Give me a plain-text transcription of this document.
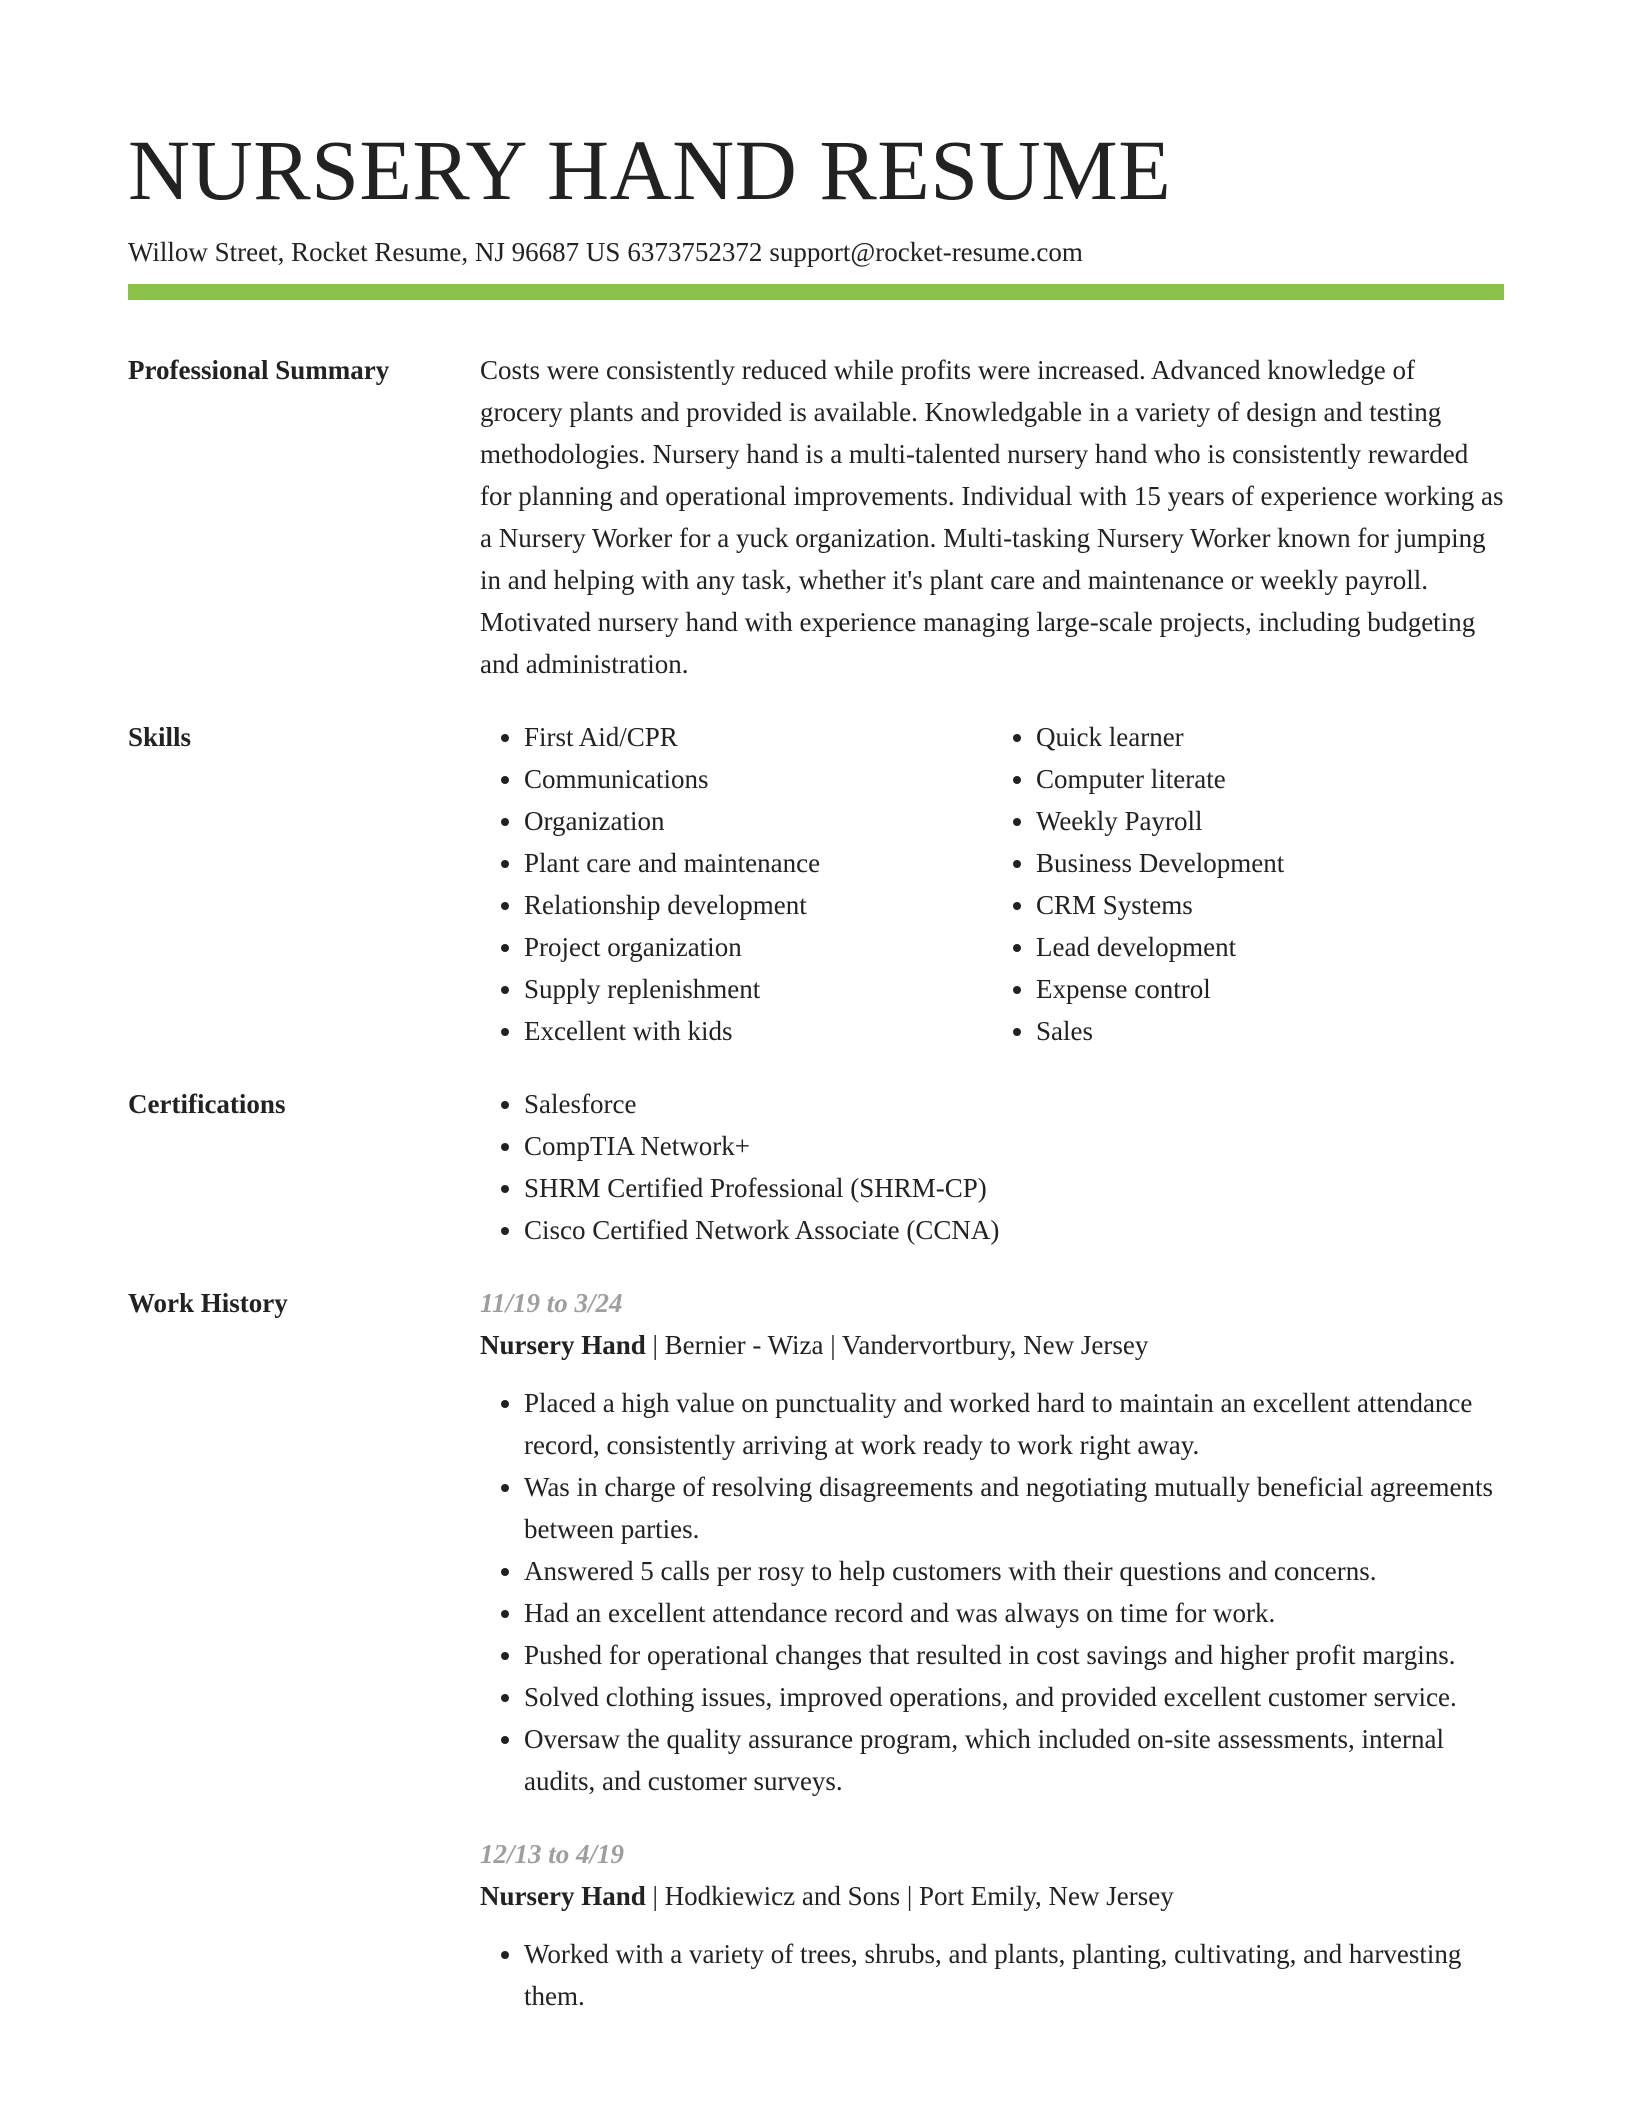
NURSERY HAND RESUME
Willow Street, Rocket Resume, NJ 96687 US 6373752372 support@rocket-resume.com
Professional Summary	Costs were consistently reduced while profits were increased. Advanced knowledge of grocery plants and provided is available. Knowledgable in a variety of design and testing methodologies. Nursery hand is a multi-talented nursery hand who is consistently rewarded for planning and operational improvements. Individual with 15 years of experience working as a Nursery Worker for a yuck organization. Multi-tasking Nursery Worker known for jumping in and helping with any task, whether it's plant care and maintenance or weekly payroll. Motivated nursery hand with experience managing large-scale projects, including budgeting and administration.

Skills	• First Aid/CPR
• Communications
• Organization
• Plant care and maintenance
• Relationship development
• Project organization
• Supply replenishment
• Excellent with kids
• Quick learner
• Computer literate
• Weekly Payroll
• Business Development
• CRM Systems
• Lead development
• Expense control
• Sales
Certifications	• Salesforce
• CompTIA Network+
• SHRM Certified Professional (SHRM-CP)
• Cisco Certified Network Associate (CCNA)
Work History	11/19 to 3/24
Nursery Hand | Bernier - Wiza | Vandervortbury, New Jersey
• Placed a high value on punctuality and worked hard to maintain an excellent attendance record, consistently arriving at work ready to work right away.
• Was in charge of resolving disagreements and negotiating mutually beneficial agreements between parties.
• Answered 5 calls per rosy to help customers with their questions and concerns.
• Had an excellent attendance record and was always on time for work.
• Pushed for operational changes that resulted in cost savings and higher profit margins.
• Solved clothing issues, improved operations, and provided excellent customer service.
• Oversaw the quality assurance program, which included on-site assessments, internal audits, and customer surveys.
12/13 to 4/19
Nursery Hand | Hodkiewicz and Sons | Port Emily, New Jersey
• Worked with a variety of trees, shrubs, and plants, planting, cultivating, and harvesting them.
